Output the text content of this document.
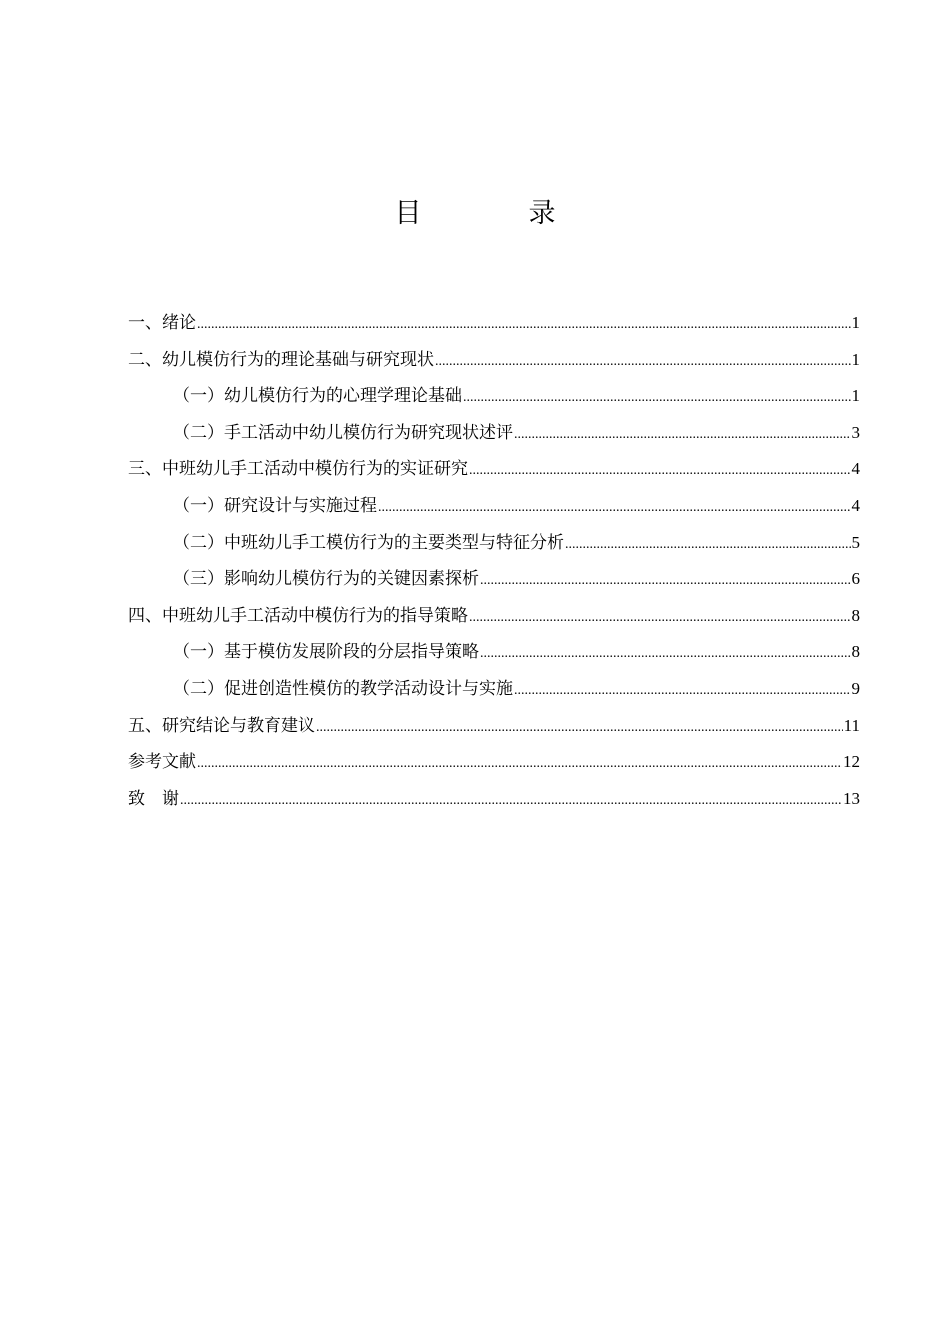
目　录
一、 绪论 .....	1
二、 幼儿模仿行为的理论基础与研究现状 .....	1
（一） 幼儿模仿行为的心理学理论基础 .....	1
（二） 手工活动中幼儿模仿行为研究现状述评 .....	3
三、 中班幼儿手工活动中模仿行为的实证研究 .....	4
（一） 研究设计与实施过程 .....	4
（二） 中班幼儿手工模仿行为的主要类型与特征分析 .....	5
（三） 影响幼儿模仿行为的关键因素探析 .....	6
四、 中班幼儿手工活动中模仿行为的指导策略 .....	8
（一） 基于模仿发展阶段的分层指导策略 .....	8
（二） 促进创造性模仿的教学活动设计与实施 .....	9
五、 研究结论与教育建议 .....	11
参考文献 .....	12
致　谢 .....	13
